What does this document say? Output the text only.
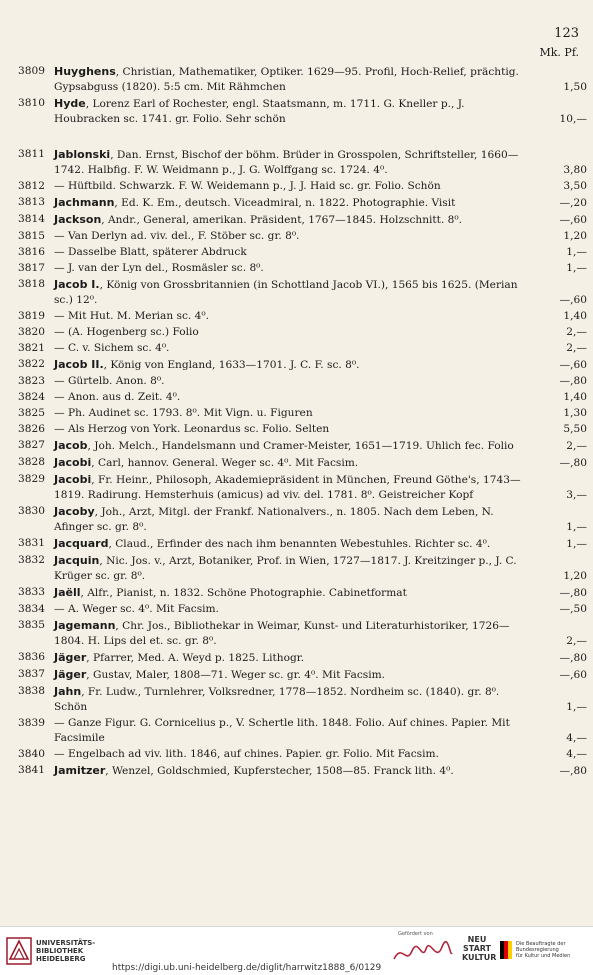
123
Mk. Pf.
3809 Huyghens, Christian, Mathematiker, Optiker. 1629—95. Profil, Hoch-Relief, prächtig. Gypsabguss (1820). 5:5 cm. Mit Rähmchen	1,50
3810 Hyde, Lorenz Earl of Rochester, engl. Staatsmann, m. 1711. G. Kneller p., J. Houbracken sc. 1741. gr. Folio. Sehr schön	10,—
3811 Jablonski, Dan. Ernst, Bischof der böhm. Brüder in Grosspolen, Schriftsteller, 1660—1742. Halbfig. F. W. Weidmann p., J. G. Wolffgang sc. 1724. 4⁰.	3,80
3812 — Hüftbild. Schwarzk. F. W. Weidemann p., J. J. Haid sc. gr. Folio. Schön	3,50
3813 Jachmann, Ed. K. Em., deutsch. Viceadmiral, n. 1822. Photographie. Visit	—,20
3814 Jackson, Andr., General, amerikan. Präsident, 1767—1845. Holzschnitt. 8⁰.	—,60
3815 — Van Derlyn ad. viv. del., F. Stöber sc. gr. 8⁰.	1,20
3816 — Dasselbe Blatt, späterer Abdruck	1,—
3817 — J. van der Lyn del., Rosmäsler sc. 8⁰.	1,—
3818 Jacob I., König von Grossbritannien (in Schottland Jacob VI.), 1565 bis 1625. (Merian sc.) 12⁰.	—,60
3819 — Mit Hut. M. Merian sc. 4⁰.	1,40
3820 — (A. Hogenberg sc.) Folio	2,—
3821 — C. v. Sichem sc. 4⁰.	2,—
3822 Jacob II., König von England, 1633—1701. J. C. F. sc. 8⁰.	—,60
3823 — Gürtelb. Anon. 8⁰.	—,80
3824 — Anon. aus d. Zeit. 4⁰.	1,40
3825 — Ph. Audinet sc. 1793. 8⁰. Mit Vign. u. Figuren	1,30
3826 — Als Herzog von York. Leonardus sc. Folio. Selten	5,50
3827 Jacob, Joh. Melch., Handelsmann und Cramer-Meister, 1651—1719. Uhlich fec. Folio	2,—
3828 Jacobi, Carl, hannov. General. Weger sc. 4⁰. Mit Facsim.	—,80
3829 Jacobi, Fr. Heinr., Philosoph, Akademiepräsident in München, Freund Göthe's, 1743—1819. Radirung. Hemsterhuis (amicus) ad viv. del. 1781. 8⁰. Geistreicher Kopf	3,—
3830 Jacoby, Joh., Arzt, Mitgl. der Frankf. Nationalvers., n. 1805. Nach dem Leben, N. Afinger sc. gr. 8⁰.	1,—
3831 Jacquard, Claud., Erfinder des nach ihm benannten Webestuhles. Richter sc. 4⁰.	1,—
3832 Jacquin, Nic. Jos. v., Arzt, Botaniker, Prof. in Wien, 1727—1817. J. Kreitzinger p., J. C. Krüger sc. gr. 8⁰.	1,20
3833 Jaëll, Alfr., Pianist, n. 1832. Schöne Photographie. Cabinetformat	—,80
3834 — A. Weger sc. 4⁰. Mit Facsim.	—,50
3835 Jagemann, Chr. Jos., Bibliothekar in Weimar, Kunst- und Literaturhistoriker, 1726—1804. H. Lips del et. sc. gr. 8⁰.	2,—
3836 Jäger, Pfarrer, Med. A. Weyd p. 1825. Lithogr.	—,80
3837 Jäger, Gustav, Maler, 1808—71. Weger sc. gr. 4⁰. Mit Facsim.	—,60
3838 Jahn, Fr. Ludw., Turnlehrer, Volksredner, 1778—1852. Nordheim sc. (1840). gr. 8⁰. Schön	1,—
3839 — Ganze Figur. G. Cornicelius p., V. Schertle lith. 1848. Folio. Auf chines. Papier. Mit Facsimile	4,—
3840 — Engelbach ad viv. lith. 1846, auf chines. Papier. gr. Folio. Mit Facsim.	4,—
3841 Jamitzer, Wenzel, Goldschmied, Kupferstecher, 1508—85. Franck lith. 4⁰.	—,80
UNIVERSITÄTS-
BIBLIOTHEK
HEIDELBERG
https://digi.ub.uni-heidelberg.de/diglit/harrwitz1888_6/0129
Gefördert von
NEU
START
KULTUR
Die Beauftragte der Bundesregierung
für Kultur und Medien
